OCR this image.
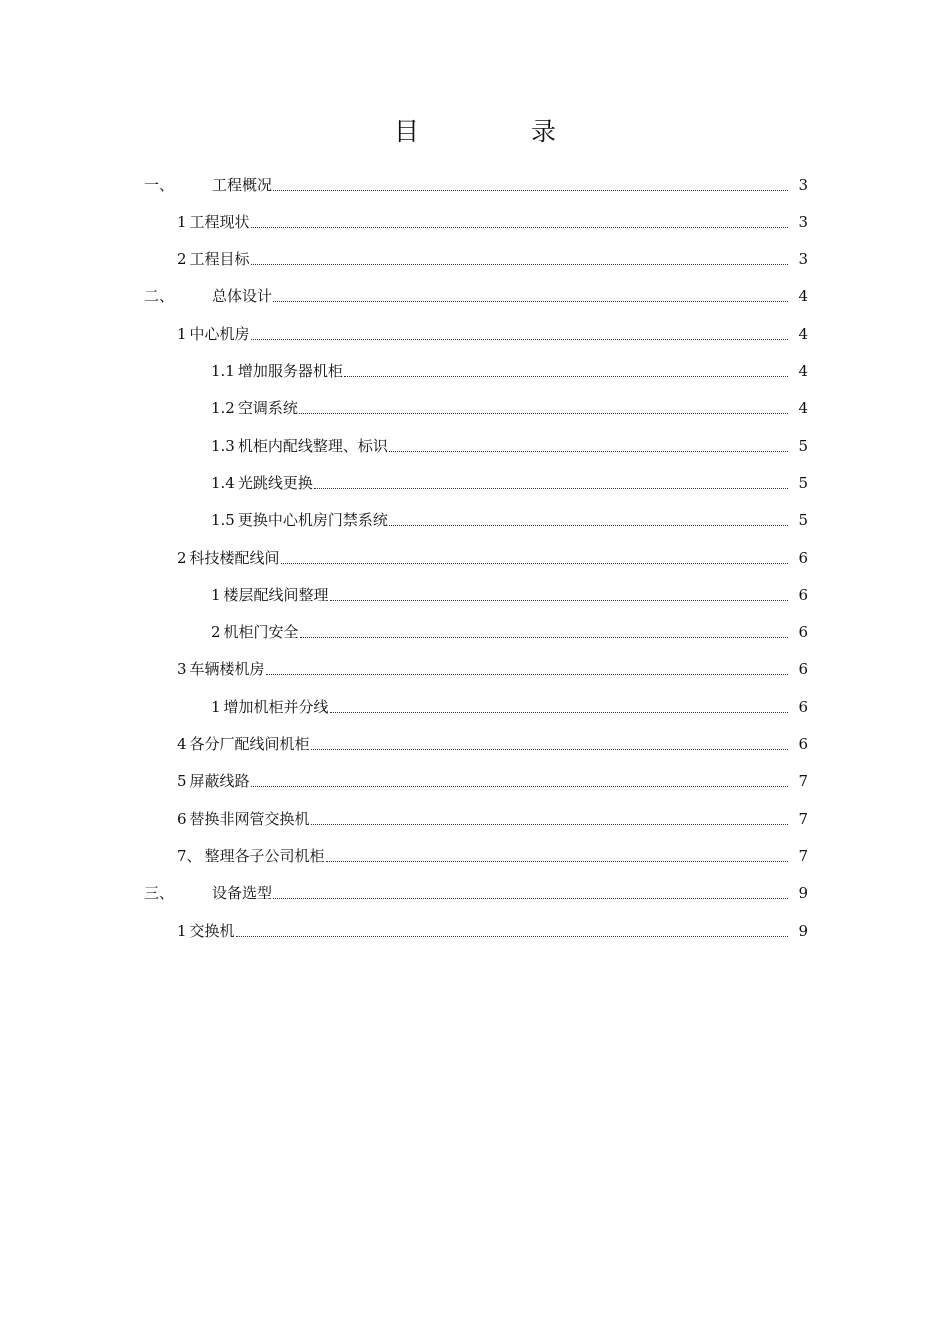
目 录
一、	工程概况	3
1 工程现状	3
2 工程目标	3
二、	总体设计	4
1 中心机房	4
1.1 增加服务器机柜	4
1.2 空调系统	4
1.3 机柜内配线整理、标识	5
1.4 光跳线更换	5
1.5 更换中心机房门禁系统	5
2 科技楼配线间	6
1 楼层配线间整理	6
2 机柜门安全	6
3 车辆楼机房	6
1 增加机柜并分线	6
4 各分厂配线间机柜	6
5 屏蔽线路	7
6 替换非网管交换机	7
7、 整理各子公司机柜	7
三、	设备选型	9
1 交换机	9
